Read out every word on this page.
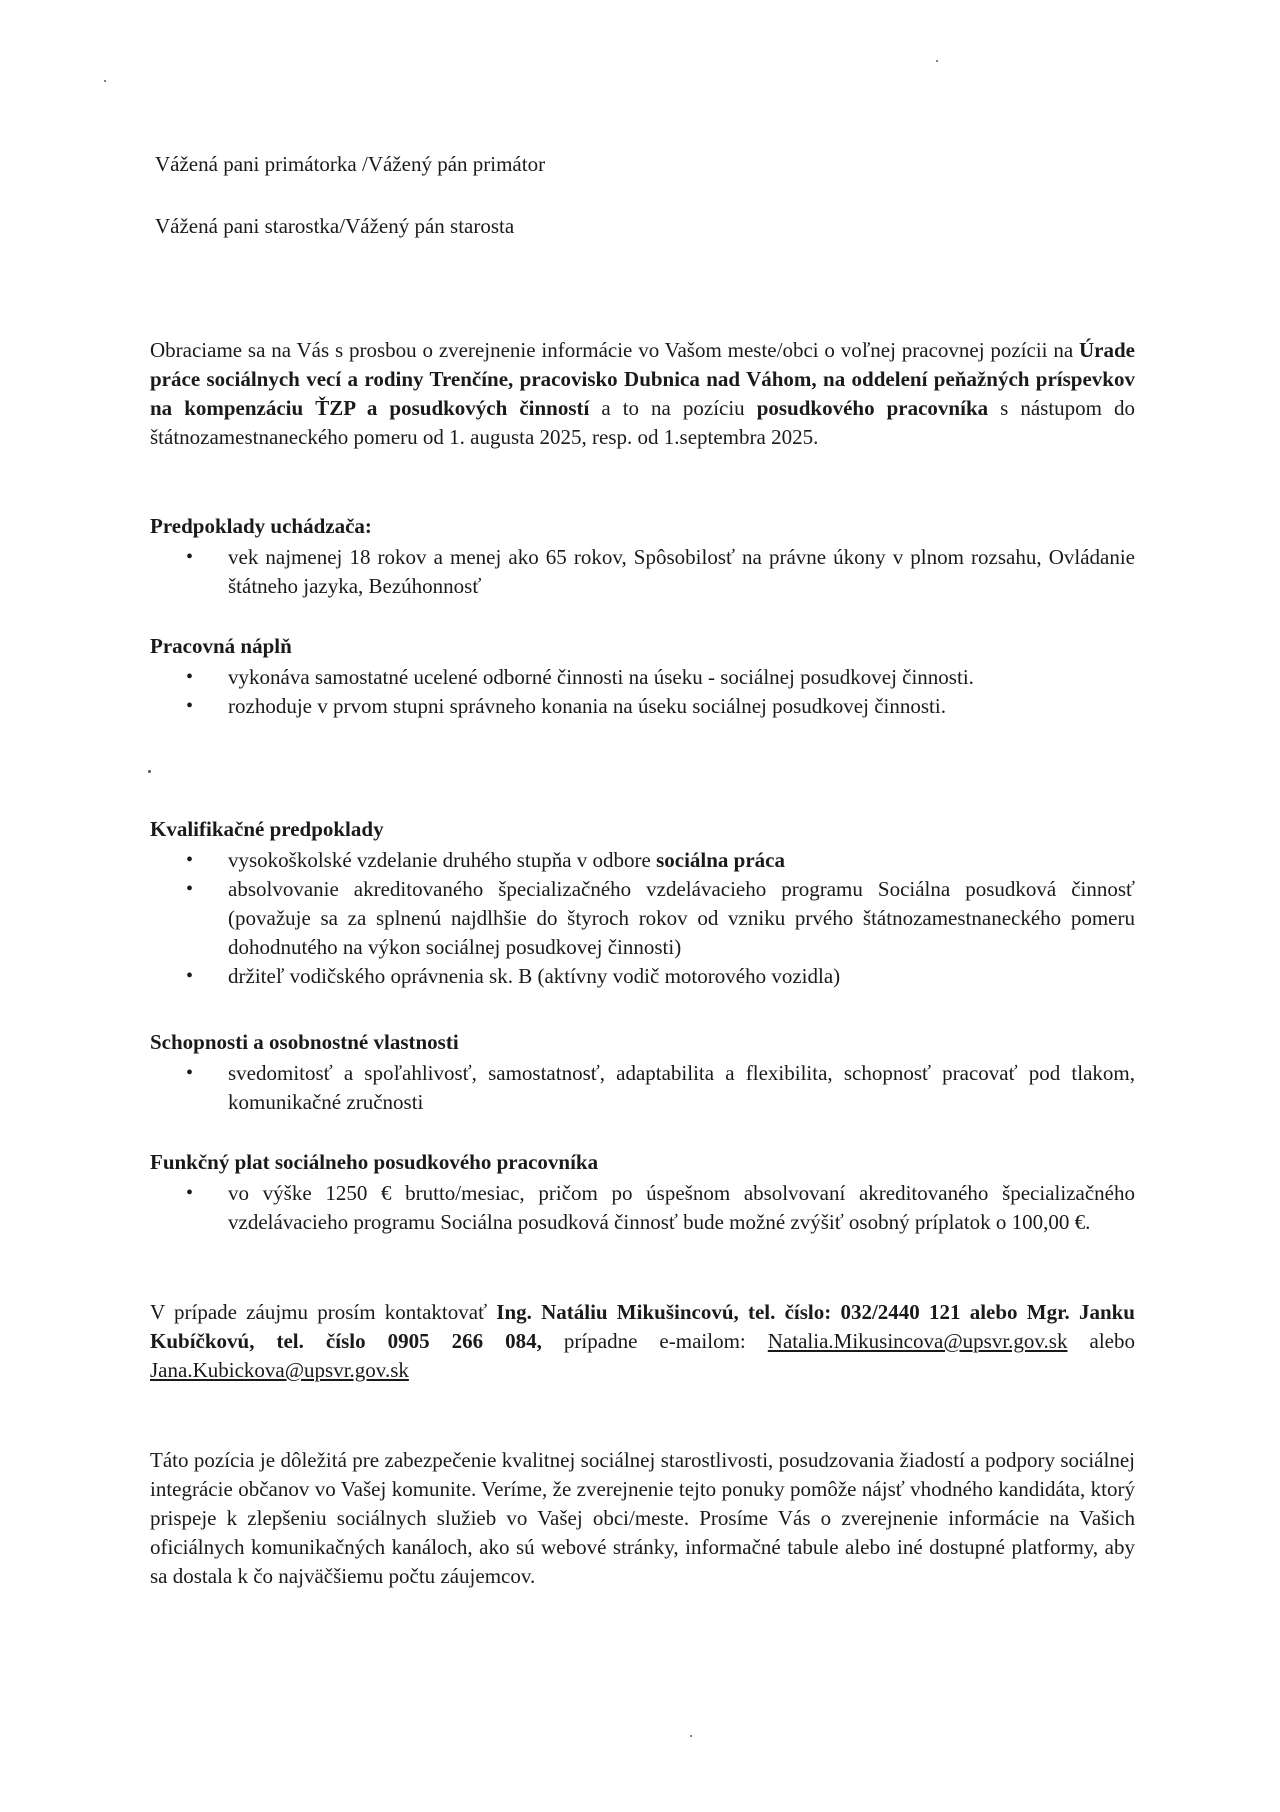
Vážená pani primátorka /Vážený pán primátor
Vážená pani starostka/Vážený pán starosta

Obraciame sa na Vás s prosbou o zverejnenie informácie vo Vašom meste/obci o voľnej pracovnej pozícii na Úrade práce sociálnych vecí a rodiny Trenčíne, pracovisko Dubnica nad Váhom, na oddelení peňažných príspevkov na kompenzáciu ŤZP a posudkových činností a to na pozíciu posudkového pracovníka s nástupom do štátnozamestnaneckého pomeru od 1. augusta 2025, resp. od 1.septembra 2025.

Predpoklady uchádzača:
• vek najmenej 18 rokov a menej ako 65 rokov, Spôsobilosť na právne úkony v plnom rozsahu, Ovládanie štátneho jazyka, Bezúhonnosť
Pracovná náplň
• vykonáva samostatné ucelené odborné činnosti na úseku - sociálnej posudkovej činnosti.
• rozhoduje v prvom stupni správneho konania na úseku sociálnej posudkovej činnosti.
Kvalifikačné predpoklady
• vysokoškolské vzdelanie druhého stupňa v odbore sociálna práca
• absolvovanie akreditovaného špecializačného vzdelávacieho programu Sociálna posudková činnosť (považuje sa za splnenú najdlhšie do štyroch rokov od vzniku prvého štátnozamestnaneckého pomeru dohodnutého na výkon sociálnej posudkovej činnosti)
• držiteľ vodičského oprávnenia sk. B (aktívny vodič motorového vozidla)
Schopnosti a osobnostné vlastnosti
• svedomitosť a spoľahlivosť, samostatnosť, adaptabilita a flexibilita, schopnosť pracovať pod tlakom, komunikačné zručnosti
Funkčný plat sociálneho posudkového pracovníka
• vo výške 1250 € brutto/mesiac, pričom po úspešnom absolvovaní akreditovaného špecializačného vzdelávacieho programu Sociálna posudková činnosť bude možné zvýšiť osobný príplatok o 100,00 €.

V prípade záujmu prosím kontaktovať Ing. Natáliu Mikušincovú, tel. číslo: 032/2440 121 alebo Mgr. Janku Kubíčkovú, tel. číslo 0905 266 084, prípadne e-mailom: Natalia.Mikusincova@upsvr.gov.sk alebo Jana.Kubickova@upsvr.gov.sk

Táto pozícia je dôležitá pre zabezpečenie kvalitnej sociálnej starostlivosti, posudzovania žiadostí a podpory sociálnej integrácie občanov vo Vašej komunite. Veríme, že zverejnenie tejto ponuky pomôže nájsť vhodného kandidáta, ktorý prispeje k zlepšeniu sociálnych služieb vo Vašej obci/meste. Prosíme Vás o zverejnenie informácie na Vašich oficiálnych komunikačných kanáloch, ako sú webové stránky, informačné tabule alebo iné dostupné platformy, aby sa dostala k čo najväčšiemu počtu záujemcov.
